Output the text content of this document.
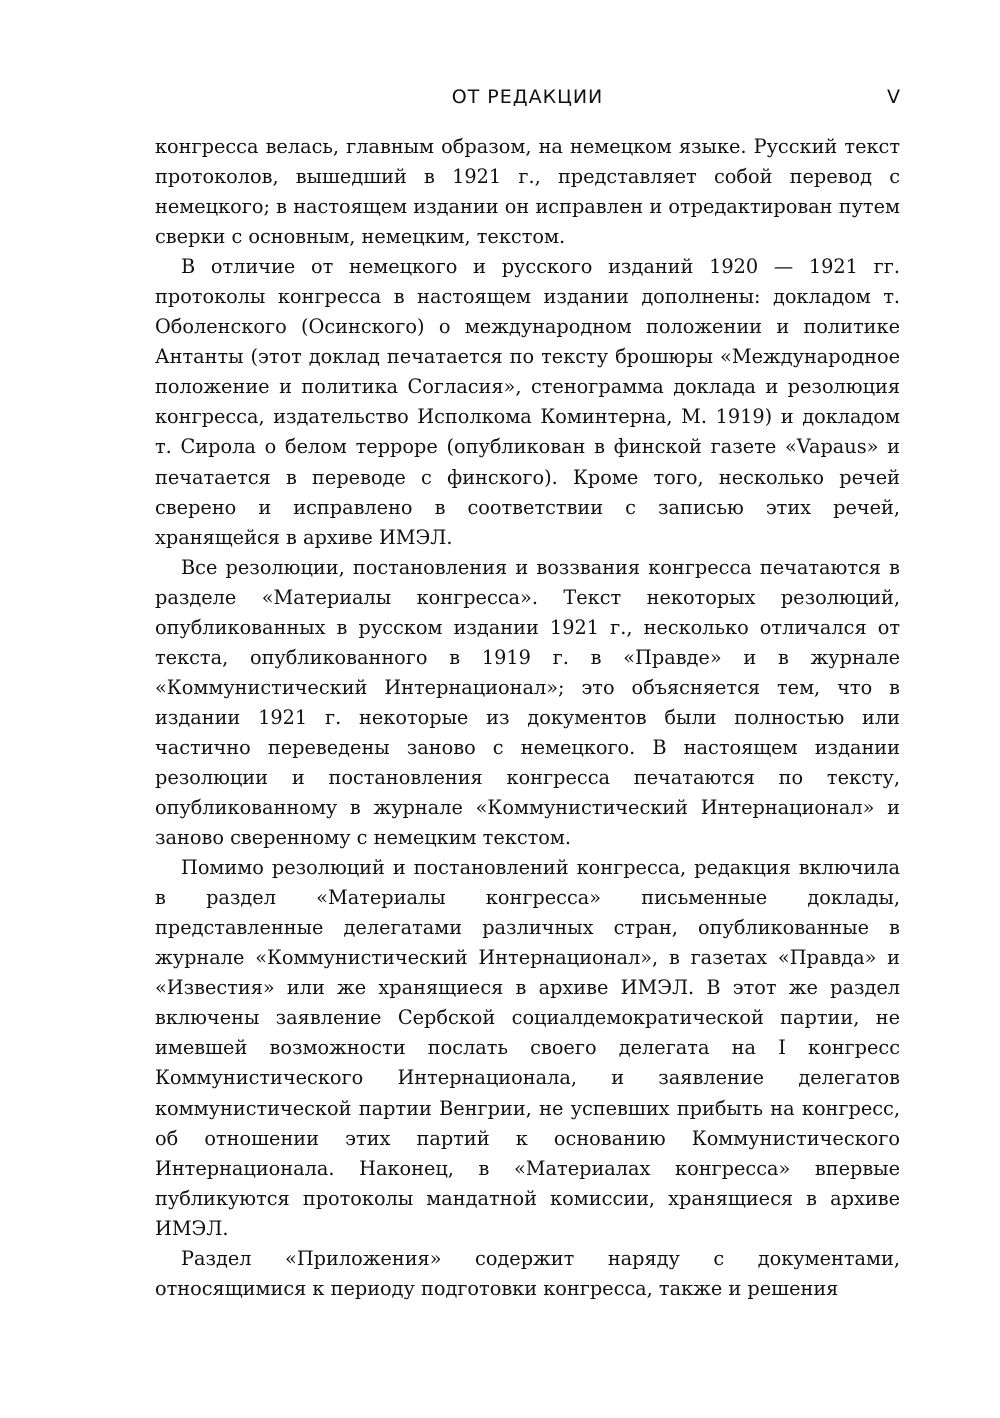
ОТ РЕДАКЦИИ	V

конгресса велась, главным образом, на немецком языке. Русский текст протоколов, вышедший в 1921 г., представляет собой перевод с немецкого; в настоящем издании он исправлен и отредактирован путем сверки с основным, немецким, текстом.

В отличие от немецкого и русского изданий 1920 — 1921 гг. протоколы конгресса в настоящем издании дополнены: докладом т. Оболенского (Осинского) о международном положении и политике Антанты (этот доклад печатается по тексту брошюры «Международное положение и политика Согласия», стенограмма доклада и резолюция конгресса, издательство Исполкома Коминтерна, М. 1919) и докладом т. Сирола о белом терроре (опубликован в финской газете «Vapaus» и печатается в переводе с финского). Кроме того, несколько речей сверено и исправлено в соответствии с записью этих речей, хранящейся в архиве ИМЭЛ.

Все резолюции, постановления и воззвания конгресса печатаются в разделе «Материалы конгресса». Текст некоторых резолюций, опубликованных в русском издании 1921 г., несколько отличался от текста, опубликованного в 1919 г. в «Правде» и в журнале «Коммунистический Интернационал»; это объясняется тем, что в издании 1921 г. некоторые из документов были полностью или частично переведены заново с немецкого. В настоящем издании резолюции и постановления конгресса печатаются по тексту, опубликованному в журнале «Коммунистический Интернационал» и заново сверенному с немецким текстом.

Помимо резолюций и постановлений конгресса, редакция включила в раздел «Материалы конгресса» письменные доклады, представленные делегатами различных стран, опубликованные в журнале «Коммунистический Интернационал», в газетах «Правда» и «Известия» или же хранящиеся в архиве ИМЭЛ. В этот же раздел включены заявление Сербской социалдемократической партии, не имевшей возможности послать своего делегата на I конгресс Коммунистического Интернационала, и заявление делегатов коммунистической партии Венгрии, не успевших прибыть на конгресс, об отношении этих партий к основанию Коммунистического Интернационала. Наконец, в «Материалах конгресса» впервые публикуются протоколы мандатной комиссии, хранящиеся в архиве ИМЭЛ.

Раздел «Приложения» содержит наряду с документами, относящимися к периоду подготовки конгресса, также и решения
